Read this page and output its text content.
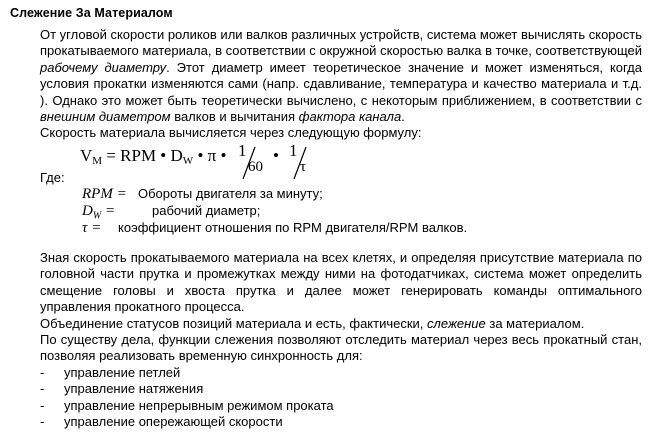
Слежение За Материалом

От угловой скорости роликов или валков различных устройств, система может вычислять скорость прокатываемого материала, в соответствии с окружной скоростью валка в точке, соответствующей рабочему диаметру. Этот диаметр имеет теоретическое значение и может изменяться, когда условия прокатки изменяются сами (напр. сдавливание, температура и качество материала и т.д. ). Однако это может быть теоретически вычислено, с некоторым приближением, в соответствии с внешним диаметром валков и вычитания фактора канала.

Скорость материала вычисляется через следующую формулу:

$V_M$ = RPM • $D_W$ • π • 1
60
• 1
τ
Где:
RPM = Обороты двигателя за минуту;
$D_W$ =	рабочий диаметр;
τ = коэффициент отношения по RPM двигателя/RPM валков.

Зная скорость прокатываемого материала на всех клетях, и определяя присутствие материала по головной части прутка и промежутках между ними на фотодатчиках, система может определить смещение головы и хвоста прутка и далее может генерировать команды оптимального управления прокатного процесса.

Объединение статусов позиций материала и есть, фактически, слежение за материалом.

По существу дела, функции слежения позволяют отследить материал через весь прокатный стан, позволяя реализовать временную синхронность для:

- управление петлей
- управление натяжения
- управление непрерывным режимом проката
- управление опережающей скорости
